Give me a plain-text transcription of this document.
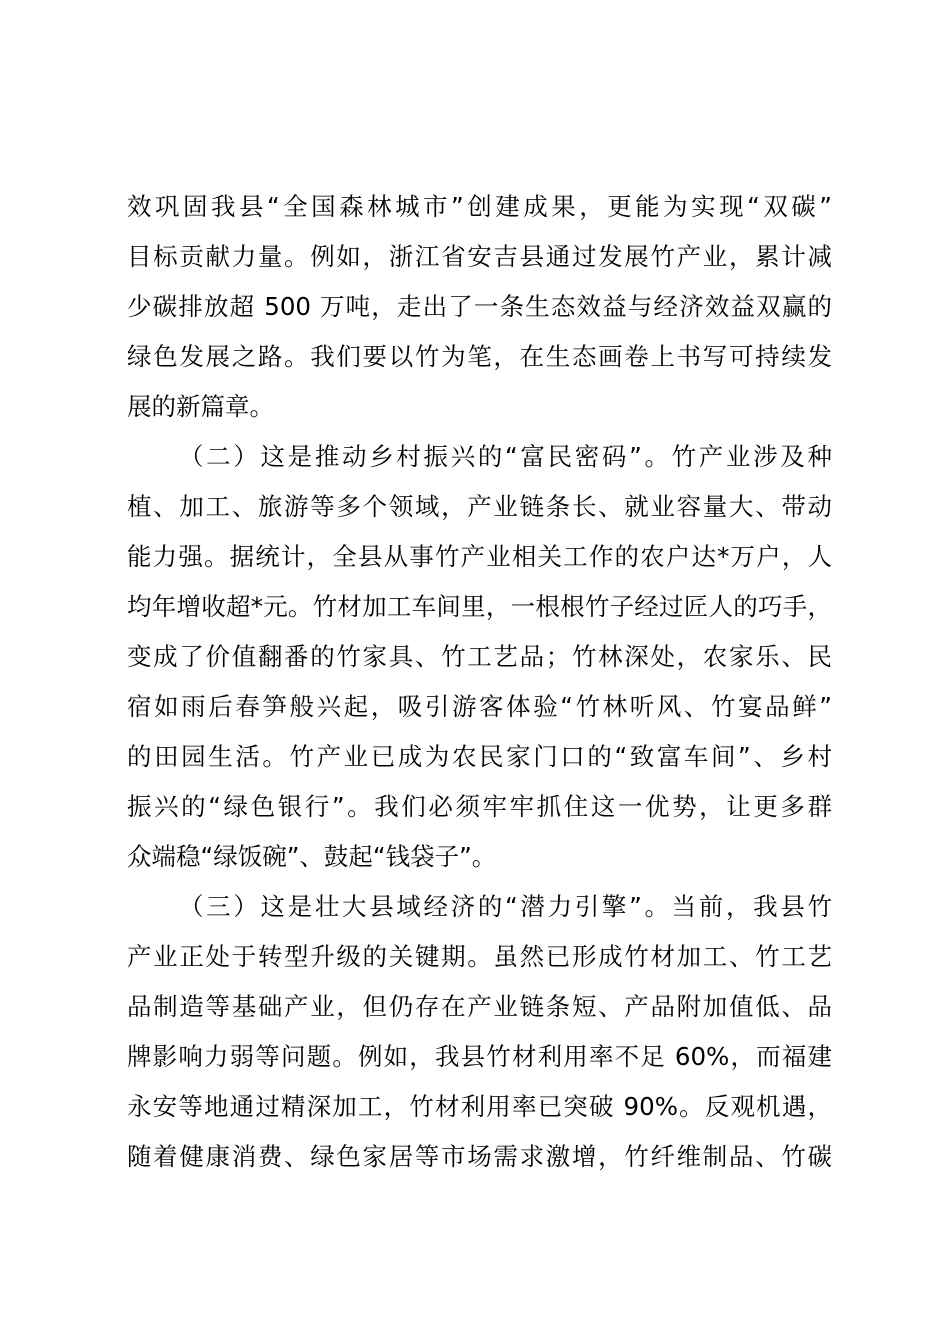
效巩固我县“全国森林城市”创建成果，更能为实现“双碳”
目标贡献力量。例如，浙江省安吉县通过发展竹产业，累计减
少碳排放超 500 万吨，走出了一条生态效益与经济效益双赢的
绿色发展之路。我们要以竹为笔，在生态画卷上书写可持续发
展的新篇章。
（二）这是推动乡村振兴的“富民密码”。竹产业涉及种
植、加工、旅游等多个领域，产业链条长、就业容量大、带动
能力强。据统计，全县从事竹产业相关工作的农户达*万户，人
均年增收超*元。竹材加工车间里，一根根竹子经过匠人的巧手，
变成了价值翻番的竹家具、竹工艺品；竹林深处，农家乐、民
宿如雨后春笋般兴起，吸引游客体验“竹林听风、竹宴品鲜”
的田园生活。竹产业已成为农民家门口的“致富车间”、乡村
振兴的“绿色银行”。我们必须牢牢抓住这一优势，让更多群
众端稳“绿饭碗”、鼓起“钱袋子”。
（三）这是壮大县域经济的“潜力引擎”。当前，我县竹
产业正处于转型升级的关键期。虽然已形成竹材加工、竹工艺
品制造等基础产业，但仍存在产业链条短、产品附加值低、品
牌影响力弱等问题。例如，我县竹材利用率不足 60%，而福建
永安等地通过精深加工，竹材利用率已突破 90%。反观机遇，
随着健康消费、绿色家居等市场需求激增，竹纤维制品、竹碳
